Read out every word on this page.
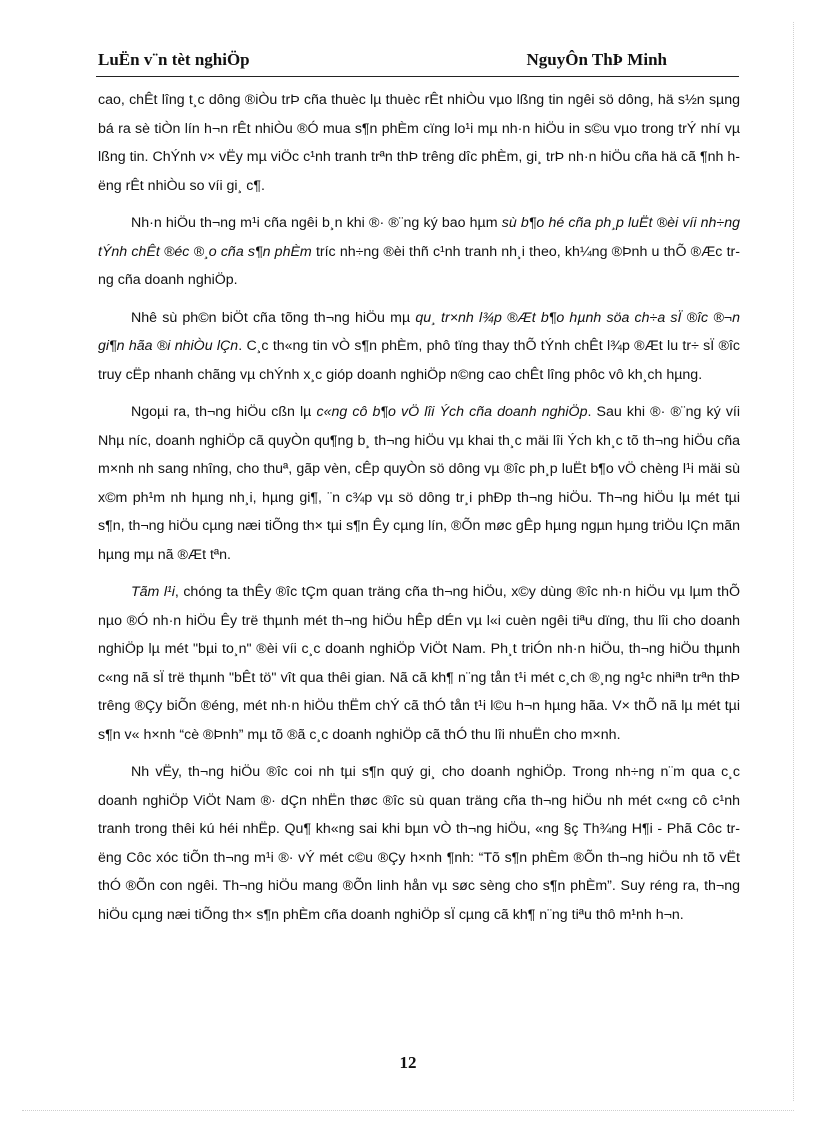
LuËn v¨n tèt nghiÖp	NguyÔn ThÞ Minh

cao, chÊt lîng t¸c dông ®iÒu trÞ cña thuèc lµ thuèc rÊt nhiÒu vµo lßng tin ngêi sö dông, hä s½n sµng bá ra sè tiÒn lín h¬n rÊt nhiÒu ®Ó mua s¶n phÈm cïng lo¹i mµ nh·n hiÖu in s©u vµo trong trÝ nhí vµ lßng tin. ChÝnh v× vËy mµ viÖc c¹nh tranh trªn thÞ trêng dîc phÈm, gi¸ trÞ nh·n hiÖu cña hä cã ¶nh hëng rÊt nhiÒu so víi gi¸ c¶.

Nh·n hiÖu th¬ng m¹i cña ngêi b¸n khi ®· ®¨ng ký bao hµm sù b¶o hé cña ph¸p luËt ®èi víi nh÷ng tÝnh chÊt ®éc ®¸o cña s¶n phÈm tríc nh÷ng ®èi thñ c¹nh tranh nh¸i theo, kh¼ng ®Þnh u thÕ ®Æc trng cña doanh nghiÖp.

Nhê sù ph©n biÖt cña tõng th¬ng hiÖu mµ qu¸ tr×nh l¾p ®Æt b¶o hµnh söa ch÷a sÏ ®îc ®¬n gi¶n hãa ®i nhiÒu lÇn. C¸c th«ng tin vÒ s¶n phÈm, phô tïng thay thÕ tÝnh chÊt l¾p ®Æt lu tr÷ sÏ ®îc truy cËp nhanh chãng vµ chÝnh x¸c gióp doanh nghiÖp n©ng cao chÊt lîng phôc vô kh¸ch hµng.

Ngoµi ra, th¬ng hiÖu cßn lµ c«ng cô b¶o vÖ lîi Ých cña doanh nghiÖp. Sau khi ®· ®¨ng ký víi Nhµ níc, doanh nghiÖp cã quyÒn qu¶ng b¸ th¬ng hiÖu vµ khai th¸c mäi lîi Ých kh¸c tõ th¬ng hiÖu cña m×nh nh sang nhîng, cho thuª, gãp vèn, cÊp quyÒn sö dông vµ ®îc ph¸p luËt b¶o vÖ chèng l¹i mäi sù x©m ph¹m nh hµng nh¸i, hµng gi¶, ¨n c¾p vµ sö dông tr¸i phÐp th¬ng hiÖu. Th¬ng hiÖu lµ mét tµi s¶n, th¬ng hiÖu cµng næi tiÕng th× tµi s¶n Êy cµng lín, ®Õn møc gÊp hµng ngµn hµng triÖu lÇn mãn hµng mµ nã ®Æt tªn.

Tãm l¹i, chóng ta thÊy ®îc tÇm quan träng cña th¬ng hiÖu, x©y dùng ®îc nh·n hiÖu vµ lµm thÕ nµo ®Ó nh·n hiÖu Êy trë thµnh mét th¬ng hiÖu hÊp dÉn vµ l«i cuèn ngêi tiªu dïng, thu lîi cho doanh nghiÖp lµ mét "bµi to¸n" ®èi víi c¸c doanh nghiÖp ViÖt Nam. Ph¸t triÓn nh·n hiÖu, th¬ng hiÖu thµnh c«ng nã sÏ trë thµnh "bÊt tö" vît qua thêi gian. Nã cã kh¶ n¨ng tån t¹i mét c¸ch ®¸ng ng¹c nhiªn trªn thÞ trêng ®Çy biÕn ®éng, mét nh·n hiÖu thËm chÝ cã thÓ tån t¹i l©u h¬n hµng hãa. V× thÕ nã lµ mét tµi s¶n v« h×nh “cè ®Þnh” mµ tõ ®ã c¸c doanh nghiÖp cã thÓ thu lîi nhuËn cho m×nh.

Nh vËy, th¬ng hiÖu ®îc coi nh tµi s¶n quý gi¸ cho doanh nghiÖp. Trong nh÷ng n¨m qua c¸c doanh nghiÖp ViÖt Nam ®· dÇn nhËn thøc ®îc sù quan träng cña th¬ng hiÖu nh mét c«ng cô c¹nh tranh trong thêi kú héi nhËp. Qu¶ kh«ng sai khi bµn vÒ th¬ng hiÖu, «ng §ç Th¾ng H¶i - Phã Côc trëng Côc xóc tiÕn th¬ng m¹i ®· vÝ mét c©u ®Çy h×nh ¶nh: “Tõ s¶n phÈm ®Õn th¬ng hiÖu nh tõ vËt thÓ ®Õn con ngêi. Th¬ng hiÖu mang ®Õn linh hån vµ søc sèng cho s¶n phÈm”. Suy réng ra, th¬ng hiÖu cµng næi tiÕng th× s¶n phÈm cña doanh nghiÖp sÏ cµng cã kh¶ n¨ng tiªu thô m¹nh h¬n.

12
